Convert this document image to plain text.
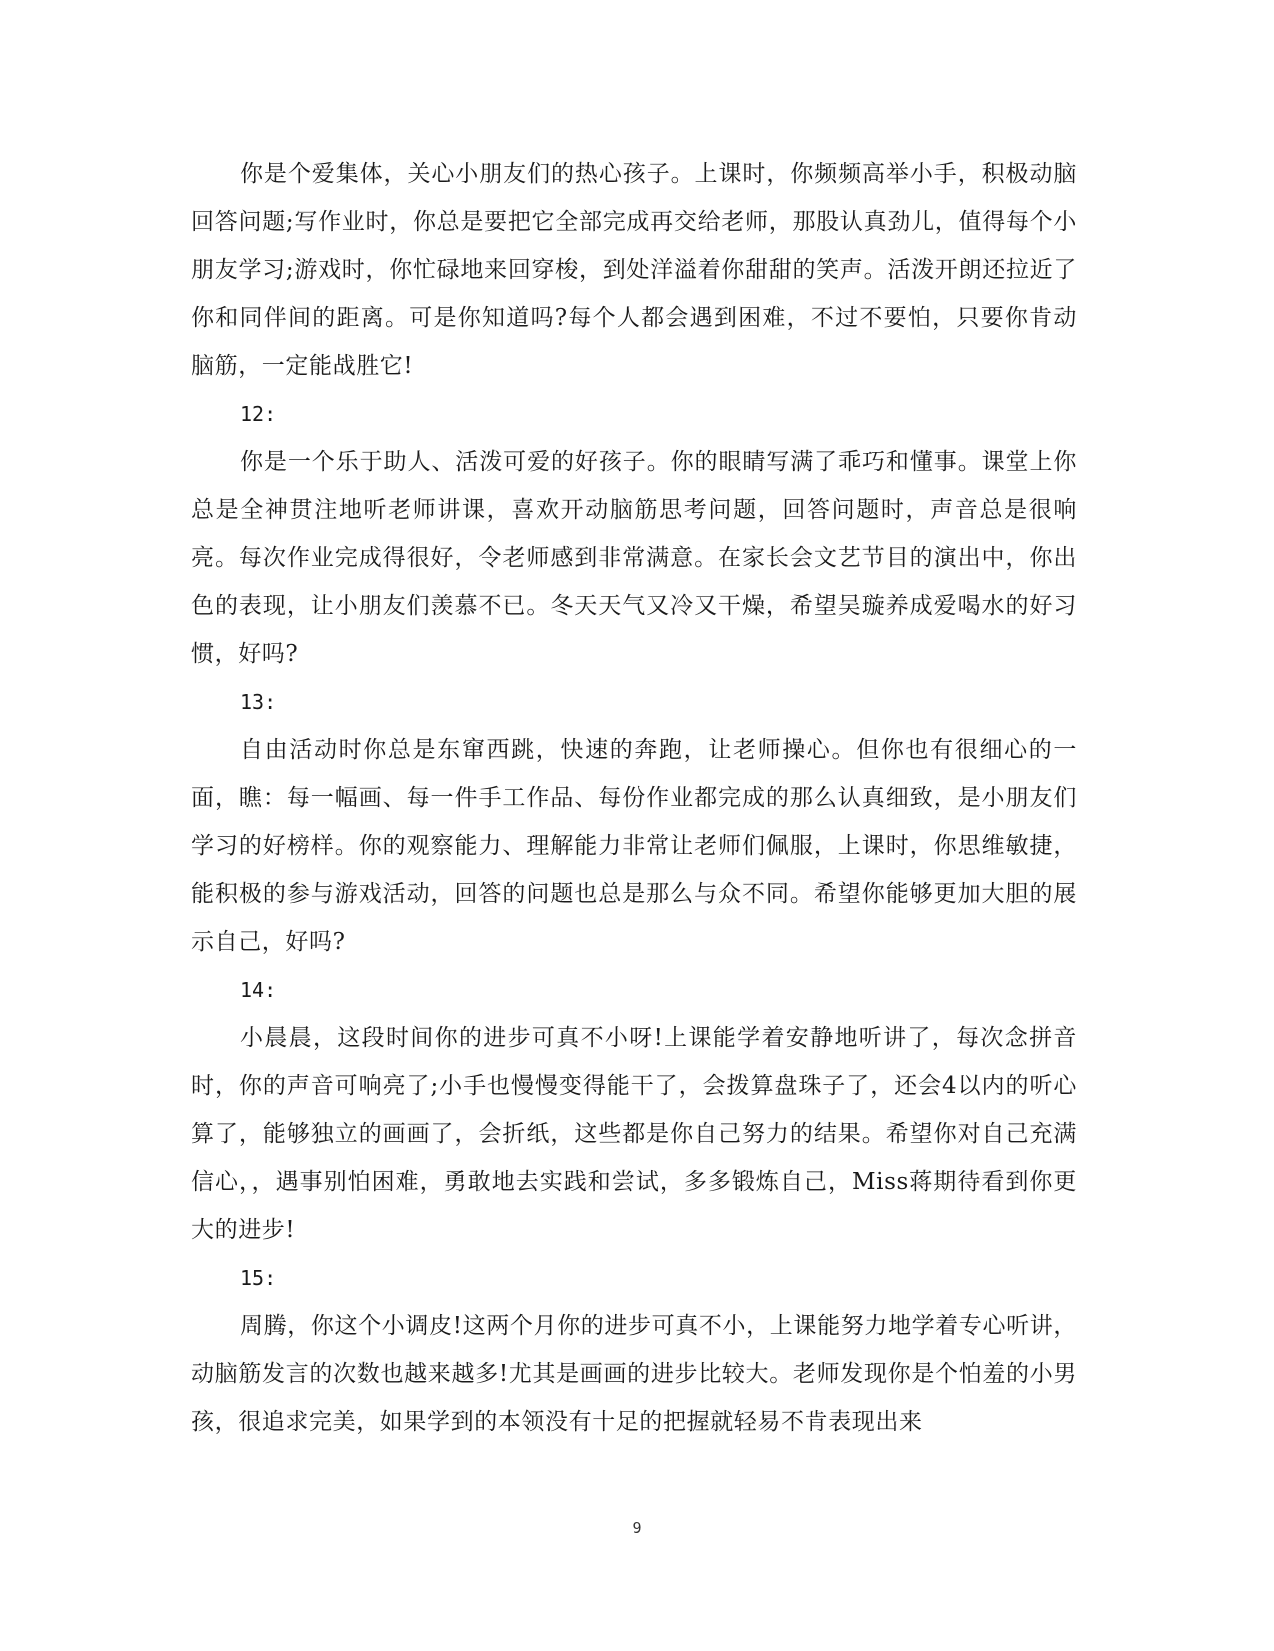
你是个爱集体，关心小朋友们的热心孩子。上课时，你频频高举小手，积极动脑回答问题;写作业时，你总是要把它全部完成再交给老师，那股认真劲儿，值得每个小朋友学习;游戏时，你忙碌地来回穿梭，到处洋溢着你甜甜的笑声。活泼开朗还拉近了你和同伴间的距离。可是你知道吗?每个人都会遇到困难，不过不要怕，只要你肯动脑筋，一定能战胜它!

12:

你是一个乐于助人、活泼可爱的好孩子。你的眼睛写满了乖巧和懂事。课堂上你总是全神贯注地听老师讲课，喜欢开动脑筋思考问题，回答问题时，声音总是很响亮。每次作业完成得很好，令老师感到非常满意。在家长会文艺节目的演出中，你出色的表现，让小朋友们羡慕不已。冬天天气又冷又干燥，希望吴璇养成爱喝水的好习惯，好吗?

13:

自由活动时你总是东窜西跳，快速的奔跑，让老师操心。但你也有很细心的一面，瞧：每一幅画、每一件手工作品、每份作业都完成的那么认真细致，是小朋友们学习的好榜样。你的观察能力、理解能力非常让老师们佩服，上课时，你思维敏捷，能积极的参与游戏活动，回答的问题也总是那么与众不同。希望你能够更加大胆的展示自己，好吗?

14:

小晨晨，这段时间你的进步可真不小呀!上课能学着安静地听讲了，每次念拼音时，你的声音可响亮了;小手也慢慢变得能干了，会拨算盘珠子了，还会4以内的听心算了，能够独立的画画了，会折纸，这些都是你自己努力的结果。希望你对自己充满信心，，遇事别怕困难，勇敢地去实践和尝试，多多锻炼自己，Miss蒋期待看到你更大的进步!

15:

周腾，你这个小调皮!这两个月你的进步可真不小，上课能努力地学着专心听讲，动脑筋发言的次数也越来越多!尤其是画画的进步比较大。老师发现你是个怕羞的小男孩，很追求完美，如果学到的本领没有十足的把握就轻易不肯表现出来

9
